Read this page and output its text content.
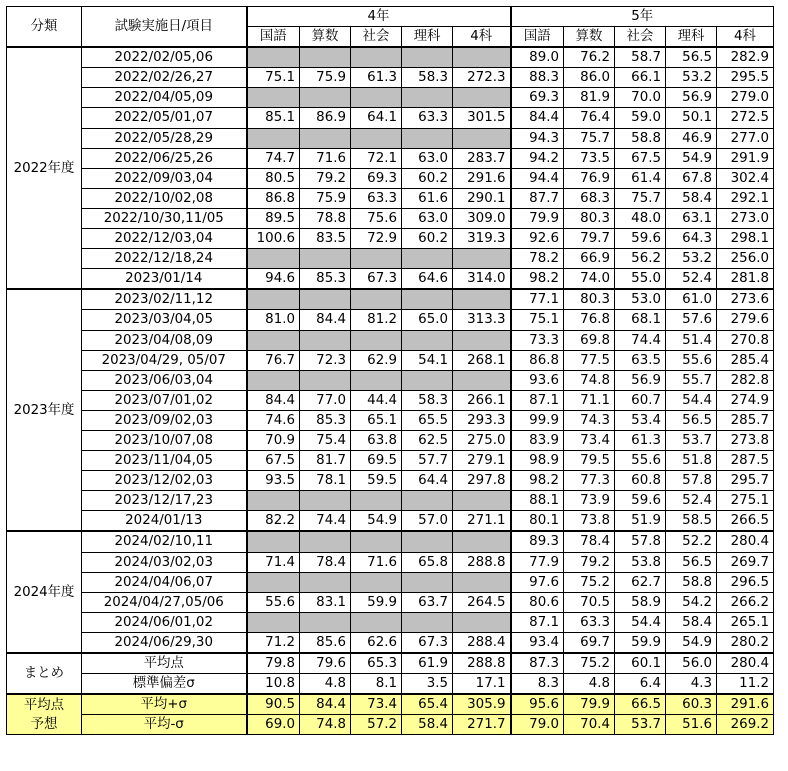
分類	試験実施日/項目	4年					5年				
		国語	算数	社会	理科	4科	国語	算数	社会	理科	4科
2022年度	2022/02/05,06						89.0	76.2	58.7	56.5	282.9
	2022/02/26,27	75.1	75.9	61.3	58.3	272.3	88.3	86.0	66.1	53.2	295.5
	2022/04/05,09						69.3	81.9	70.0	56.9	279.0
	2022/05/01,07	85.1	86.9	64.1	63.3	301.5	84.4	76.4	59.0	50.1	272.5
	2022/05/28,29						94.3	75.7	58.8	46.9	277.0
	2022/06/25,26	74.7	71.6	72.1	63.0	283.7	94.2	73.5	67.5	54.9	291.9
	2022/09/03,04	80.5	79.2	69.3	60.2	291.6	94.4	76.9	61.4	67.8	302.4
	2022/10/02,08	86.8	75.9	63.3	61.6	290.1	87.7	68.3	75.7	58.4	292.1
	2022/10/30,11/05	89.5	78.8	75.6	63.0	309.0	79.9	80.3	48.0	63.1	273.0
	2022/12/03,04	100.6	83.5	72.9	60.2	319.3	92.6	79.7	59.6	64.3	298.1
	2022/12/18,24						78.2	66.9	56.2	53.2	256.0
	2023/01/14	94.6	85.3	67.3	64.6	314.0	98.2	74.0	55.0	52.4	281.8
2023年度	2023/02/11,12						77.1	80.3	53.0	61.0	273.6
	2023/03/04,05	81.0	84.4	81.2	65.0	313.3	75.1	76.8	68.1	57.6	279.6
	2023/04/08,09						73.3	69.8	74.4	51.4	270.8
	2023/04/29, 05/07	76.7	72.3	62.9	54.1	268.1	86.8	77.5	63.5	55.6	285.4
	2023/06/03,04						93.6	74.8	56.9	55.7	282.8
	2023/07/01,02	84.4	77.0	44.4	58.3	266.1	87.1	71.1	60.7	54.4	274.9
	2023/09/02,03	74.6	85.3	65.1	65.5	293.3	99.9	74.3	53.4	56.5	285.7
	2023/10/07,08	70.9	75.4	63.8	62.5	275.0	83.9	73.4	61.3	53.7	273.8
	2023/11/04,05	67.5	81.7	69.5	57.7	279.1	98.9	79.5	55.6	51.8	287.5
	2023/12/02,03	93.5	78.1	59.5	64.4	297.8	98.2	77.3	60.8	57.8	295.7
	2023/12/17,23						88.1	73.9	59.6	52.4	275.1
	2024/01/13	82.2	74.4	54.9	57.0	271.1	80.1	73.8	51.9	58.5	266.5
2024年度	2024/02/10,11						89.3	78.4	57.8	52.2	280.4
	2024/03/02,03	71.4	78.4	71.6	65.8	288.8	77.9	79.2	53.8	56.5	269.7
	2024/04/06,07						97.6	75.2	62.7	58.8	296.5
	2024/04/27,05/06	55.6	83.1	59.9	63.7	264.5	80.6	70.5	58.9	54.2	266.2
	2024/06/01,02						87.1	63.3	54.4	58.4	265.1
	2024/06/29,30	71.2	85.6	62.6	67.3	288.4	93.4	69.7	59.9	54.9	280.2
まとめ	平均点	79.8	79.6	65.3	61.9	288.8	87.3	75.2	60.1	56.0	280.4
	標準偏差σ	10.8	4.8	8.1	3.5	17.1	8.3	4.8	6.4	4.3	11.2

平均点
予想	平均+σ	90.5	84.4	73.4	65.4	305.9	95.6	79.9	66.5	60.3	291.6
	平均-σ	69.0	74.8	57.2	58.4	271.7	79.0	70.4	53.7	51.6	269.2
